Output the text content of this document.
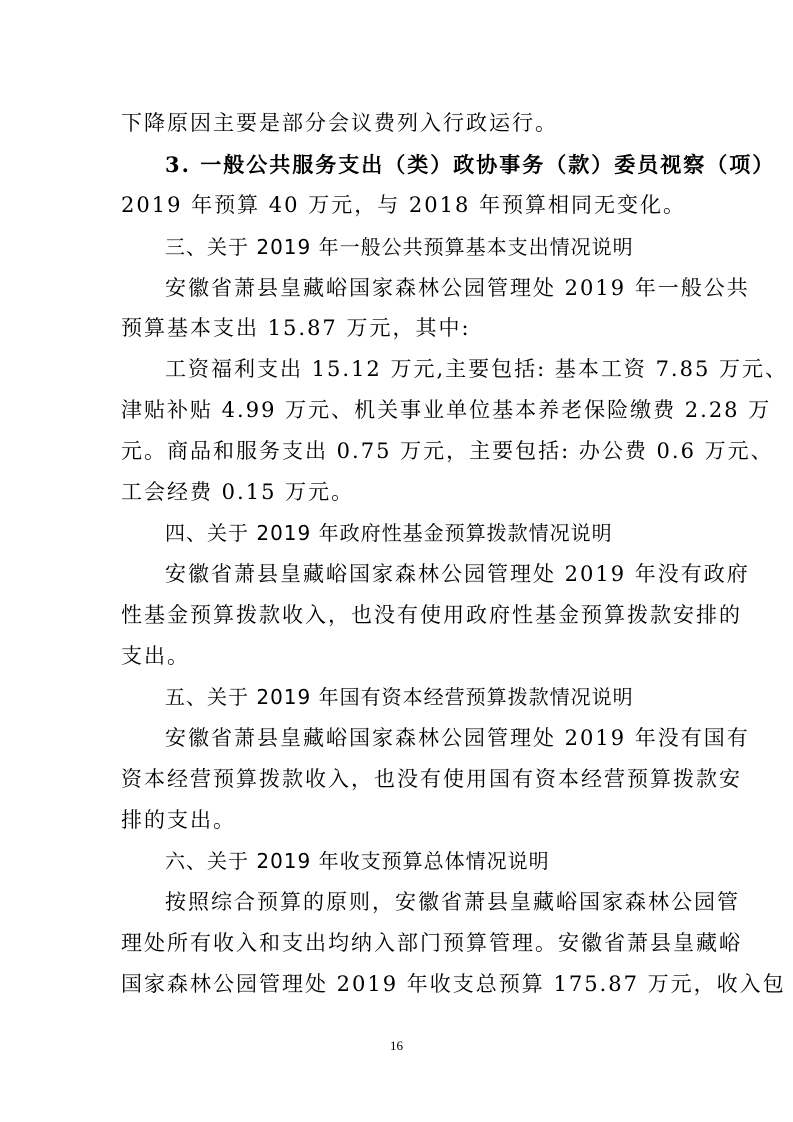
下降原因主要是部分会议费列入行政运行。
3. 一般公共服务支出（类）政协事务（款）委员视察（项）
2019 年预算 40 万元，与 2018 年预算相同无变化。
三、关于 2019 年一般公共预算基本支出情况说明
安徽省萧县皇藏峪国家森林公园管理处 2019 年一般公共
预算基本支出 15.87 万元，其中:
工资福利支出 15.12 万元,主要包括: 基本工资 7.85 万元、
津贴补贴 4.99 万元、机关事业单位基本养老保险缴费 2.28 万
元。商品和服务支出 0.75 万元，主要包括: 办公费 0.6 万元、
工会经费 0.15 万元。
四、关于 2019 年政府性基金预算拨款情况说明
安徽省萧县皇藏峪国家森林公园管理处 2019 年没有政府
性基金预算拨款收入，也没有使用政府性基金预算拨款安排的
支出。
五、关于 2019 年国有资本经营预算拨款情况说明
安徽省萧县皇藏峪国家森林公园管理处 2019 年没有国有
资本经营预算拨款收入，也没有使用国有资本经营预算拨款安
排的支出。
六、关于 2019 年收支预算总体情况说明
按照综合预算的原则，安徽省萧县皇藏峪国家森林公园管
理处所有收入和支出均纳入部门预算管理。安徽省萧县皇藏峪
国家森林公园管理处 2019 年收支总预算 175.87 万元，收入包
16
